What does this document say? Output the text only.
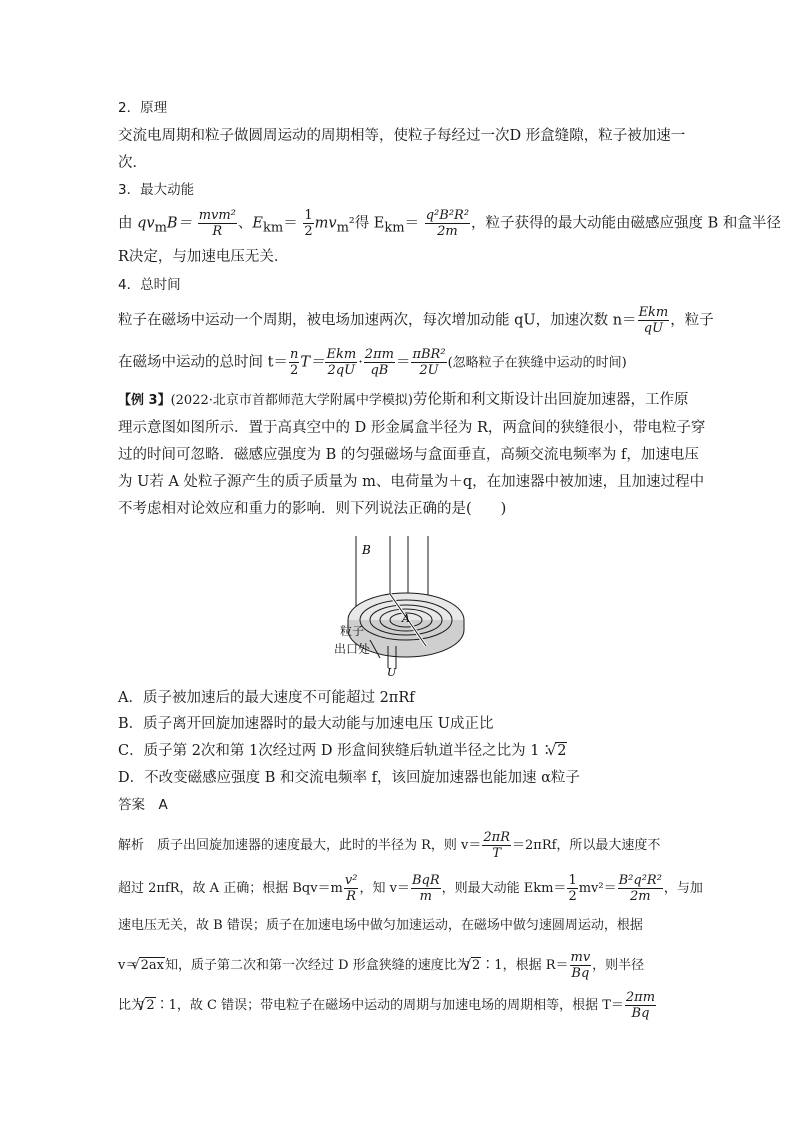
2．原理
交流电周期和粒子做圆周运动的周期相等，使粒子每经过一次D 形盒缝隙，粒子被加速一
次．
3．最大动能
由 $qv_mB= \frac{\text{mvm²}}{R}$ 、$E_{km}= \frac{1}{2} mv_m^2$得 $E_{km}= \frac{\text{q²B²R²}}{2m}$ ，粒子获得的最大动能由磁感应强度 B 和盒半径
R决定，与加速电压无关．
4．总时间
粒子在磁场中运动一个周期，被电场加速两次，每次增加动能 qU，加速次数 $n= \frac{\text{Ekm}}{qU}$ ，粒子
在磁场中运动的总时间 $t= \frac{n}{2} T= \frac{\text{Ekm}}{2qU} \cdot \frac{2\pi m}{qB} = \frac{\text{πBR²}}{2U}$ (忽略粒子在狭缝中运动的时间)
【例 3】(2022·北京市首都师范大学附属中学模拟)劳伦斯和利文斯设计出回旋加速器，工作原
理示意图如图所示．置于高真空中的 D 形金属盒半径为 R，两盒间的狭缝很小，带电粒子穿
过的时间可忽略．磁感应强度为 B 的匀强磁场与盒面垂直，高频交流电频率为 f，加速电压
为 U若 A 处粒子源产生的质子质量为 m、电荷量为＋q，在加速器中被加速，且加速过程中
不考虑相对论效应和重力的影响．则下列说法正确的是(　　)
B
A
U
粒子
出口处
A．质子被加速后的最大速度不可能超过 2πRf
B．质子离开回旋加速器时的最大动能与加速电压 U成正比
C．质子第 2次和第 1次经过两 D 形盒间狭缝后轨道半径之比为 1∶ √ 2
D．不改变磁感应强度 B 和交流电频率 f，该回旋加速器也能加速 α粒子
答案　A
解析　质子出回旋加速器的速度最大，此时的半径为 R，则 $v= \frac{2\pi R}{T} =2\pi Rf$，所以最大速度不
超过 2πfR，故 A 正确；根据 $Bqv=m \frac{\text{v²}}{R}$ ，知 $v= \frac{\text{BqR}}{m}$ ，则最大动能 $Ekm= \frac{1}{2} mv^2= \frac{\text{B²q²R²}}{2m}$ ，与加
速电压无关，故 B 错误；质子在加速电场中做匀加速运动，在磁场中做匀速圆周运动，根据
v＝ √ 2ax知，质子第二次和第一次经过 D 形盒狭缝的速度比为 √ 2∶1，根据 $R= \frac{mv}{Bq}$ ，则半径
比为 √ 2∶1，故 C 错误；带电粒子在磁场中运动的周期与加速电场的周期相等，根据 $T= \frac{2\pi m}{Bq}$
